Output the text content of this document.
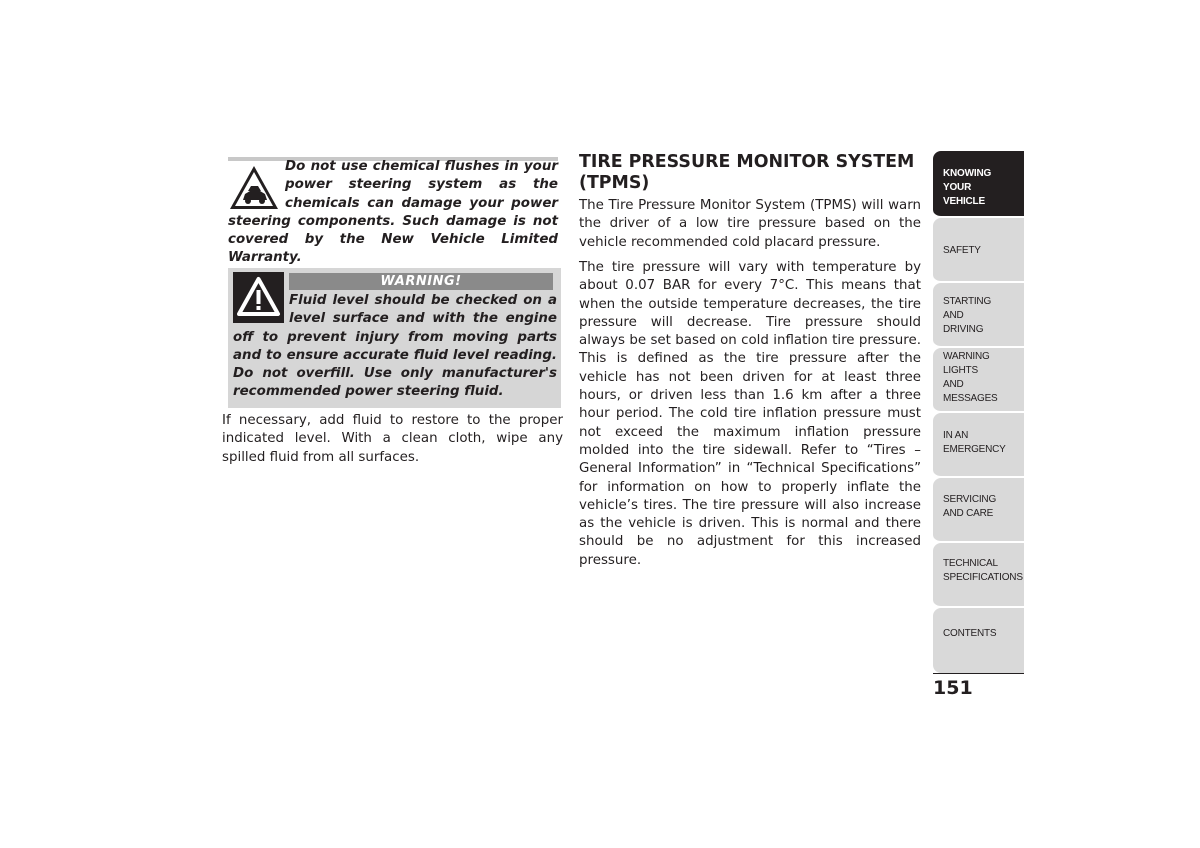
Do not use chemical flushes in your power steering system as the chemicals can damage your power steering components. Such damage is not covered by the New Vehicle Limited Warranty.

WARNING!

Fluid level should be checked on a level surface and with the engine off to prevent injury from moving parts and to ensure accurate fluid level reading. Do not overfill. Use only manufacturer's recommended power steering fluid.

If necessary, add fluid to restore to the proper indicated level. With a clean cloth, wipe any spilled fluid from all surfaces.

TIRE PRESSURE MONITOR SYSTEM (TPMS)

The Tire Pressure Monitor System (TPMS) will warn the driver of a low tire pressure based on the vehicle recommended cold placard pressure.

The tire pressure will vary with temperature by about 0.07 BAR for every 7°C. This means that when the outside temperature decreases, the tire pressure will decrease. Tire pressure should always be set based on cold inflation tire pressure. This is defined as the tire pressure after the vehicle has not been driven for at least three hours, or driven less than 1.6 km after a three hour period. The cold tire inflation pressure must not exceed the maximum inflation pressure molded into the tire sidewall. Refer to “Tires – General Information” in “Technical Specifications” for information on how to properly inflate the vehicle’s tires. The tire pressure will also increase as the vehicle is driven. This is normal and there should be no adjustment for this increased pressure.

KNOWING
YOUR
VEHICLE
SAFETY
STARTING
AND
DRIVING
WARNING
LIGHTS
AND
MESSAGES
IN AN
EMERGENCY
SERVICING
AND CARE
TECHNICAL
SPECIFICATIONS
CONTENTS
151
